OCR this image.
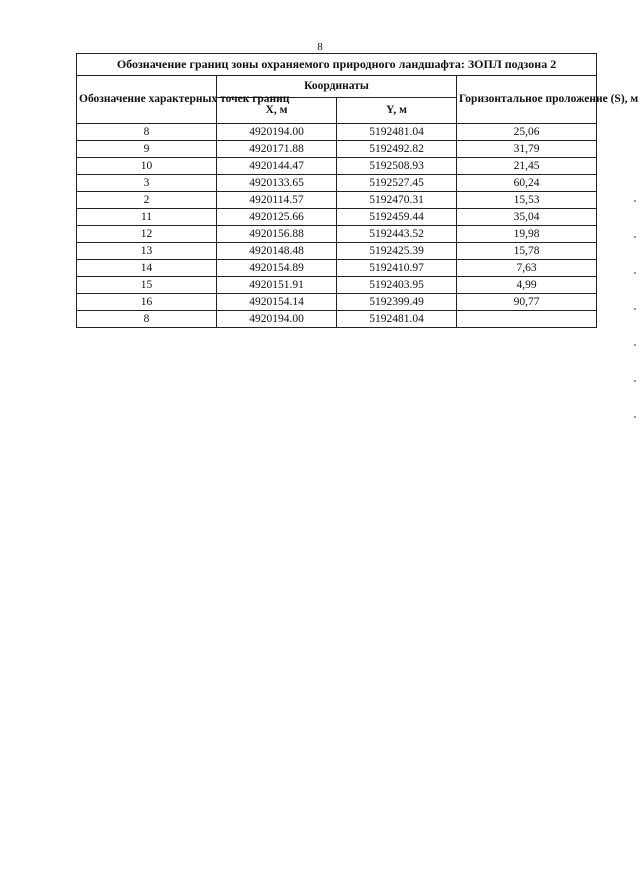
8
Обозначение границ зоны охраняемого природного ландшафта: ЗОПЛ подзона 2			
Обозначение характерных точек границ	Координаты		Горизонтальное проложение (S), м
	X, м	Y, м	
8	4920194.00	5192481.04	25,06
9	4920171.88	5192492.82	31,79
10	4920144.47	5192508.93	21,45
3	4920133.65	5192527.45	60,24
2	4920114.57	5192470.31	15,53
11	4920125.66	5192459.44	35,04
12	4920156.88	5192443.52	19,98
13	4920148.48	5192425.39	15,78
14	4920154.89	5192410.97	7,63
15	4920151.91	5192403.95	4,99
16	4920154.14	5192399.49	90,77
8	4920194.00	5192481.04	
